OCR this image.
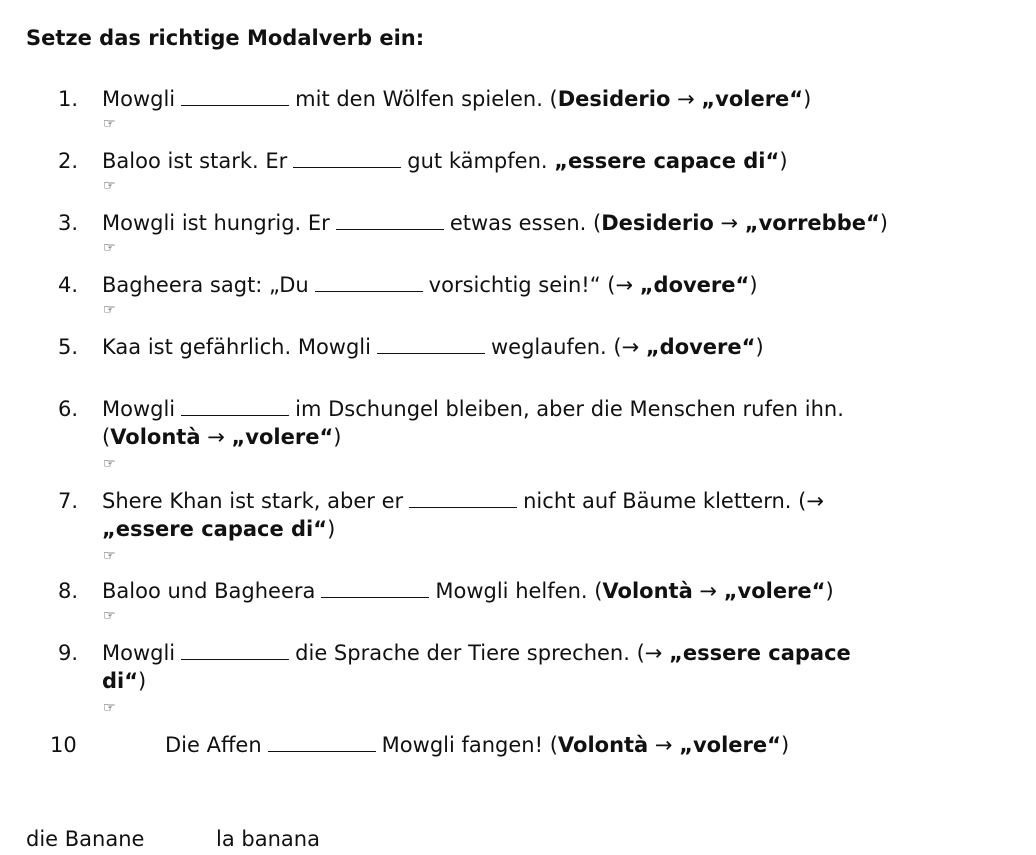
Setze das richtige Modalverb ein:
1. Mowgli	mit den Wölfen spielen. (Desiderio → „volere“)
☞
2. Baloo ist stark. Er	gut kämpfen. „essere capace di“)
☞
3. Mowgli ist hungrig. Er	etwas essen. (Desiderio → „vorrebbe“)
☞
4. Bagheera sagt: „Du	vorsichtig sein!“ (→ „dovere“)
☞
5. Kaa ist gefährlich. Mowgli	weglaufen. (→ „dovere“)
6. Mowgli	im Dschungel bleiben, aber die Menschen rufen ihn.
(Volontà → „volere“)
☞
7. Shere Khan ist stark, aber er	nicht auf Bäume klettern. (→
„essere capace di“)
☞
8. Baloo und Bagheera	Mowgli helfen. (Volontà → „volere“)
☞
9. Mowgli	die Sprache der Tiere sprechen. (→ „essere capace
di“)
☞
10	Die Affen	Mowgli fangen! (Volontà → „volere“)
die Banane	la banana
